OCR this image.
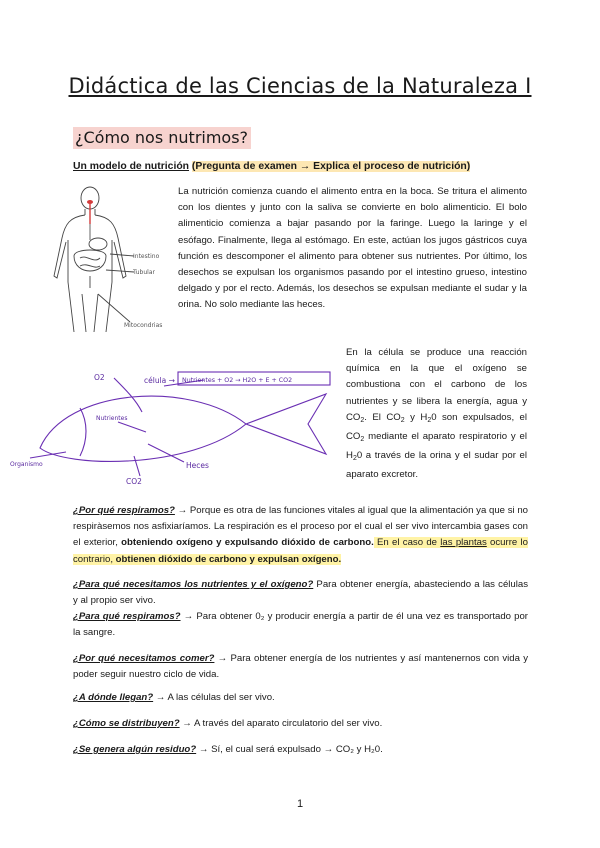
Didáctica de las Ciencias de la Naturaleza I
¿Cómo nos nutrimos?
Un modelo de nutrición (Pregunta de examen → Explica el proceso de nutrición)
Intestino
Tubular
Mitocondrias
La nutrición comienza cuando el alimento entra en la boca. Se tritura el alimento con los dientes y junto con la saliva se convierte en bolo alimenticio. El bolo alimenticio comienza a bajar pasando por la faringe. Luego la laringe y el esófago. Finalmente, llega al estómago. En este, actúan los jugos gástricos cuya función es descomponer el alimento para obtener sus nutrientes. Por último, los desechos se expulsan los organismos pasando por el intestino grueso, intestino delgado y por el recto. Además, los desechos se expulsan mediante el sudar y la orina. No solo mediante las heces.
O2	célula → Nutrientes + O2 → H2O + E + CO2
Nutrientes
Heces
CO2
Organismo
En la célula se produce una reacción química en la que el oxígeno se combustiona con el carbono de los nutrientes y se libera la energía, agua y $CO_2$. El $CO_2$ y $H_20$ son expulsados, el $CO_2$ mediante el aparato respiratorio y el $H_20$ a través de la orina y el sudar por el aparato excretor.
¿Por qué respiramos? → Porque es otra de las funciones vitales al igual que la alimentación ya que si no respiràsemos nos asfixiaríamos. La respiración es el proceso por el cual el ser vivo intercambia gases con el exterior, obteniendo oxígeno y expulsando dióxido de carbono. En el caso de las plantas ocurre lo contrario, obtienen dióxido de carbono y expulsan oxígeno.
¿Para qué necesitamos los nutrientes y el oxígeno? Para obtener energía, abasteciendo a las células y al propio ser vivo.
¿Para qué respiramos? → Para obtener 0₂ y producir energía a partir de él una vez es transportado por la sangre.
¿Por qué necesitamos comer? → Para obtener energía de los nutrientes y así mantenernos con vida y poder seguir nuestro ciclo de vida.
¿A dónde llegan? → A las células del ser vivo.
¿Cómo se distribuyen? → A través del aparato circulatorio del ser vivo.
¿Se genera algún residuo? → Sí, el cual será expulsado → CO₂ y H₂0.
1
